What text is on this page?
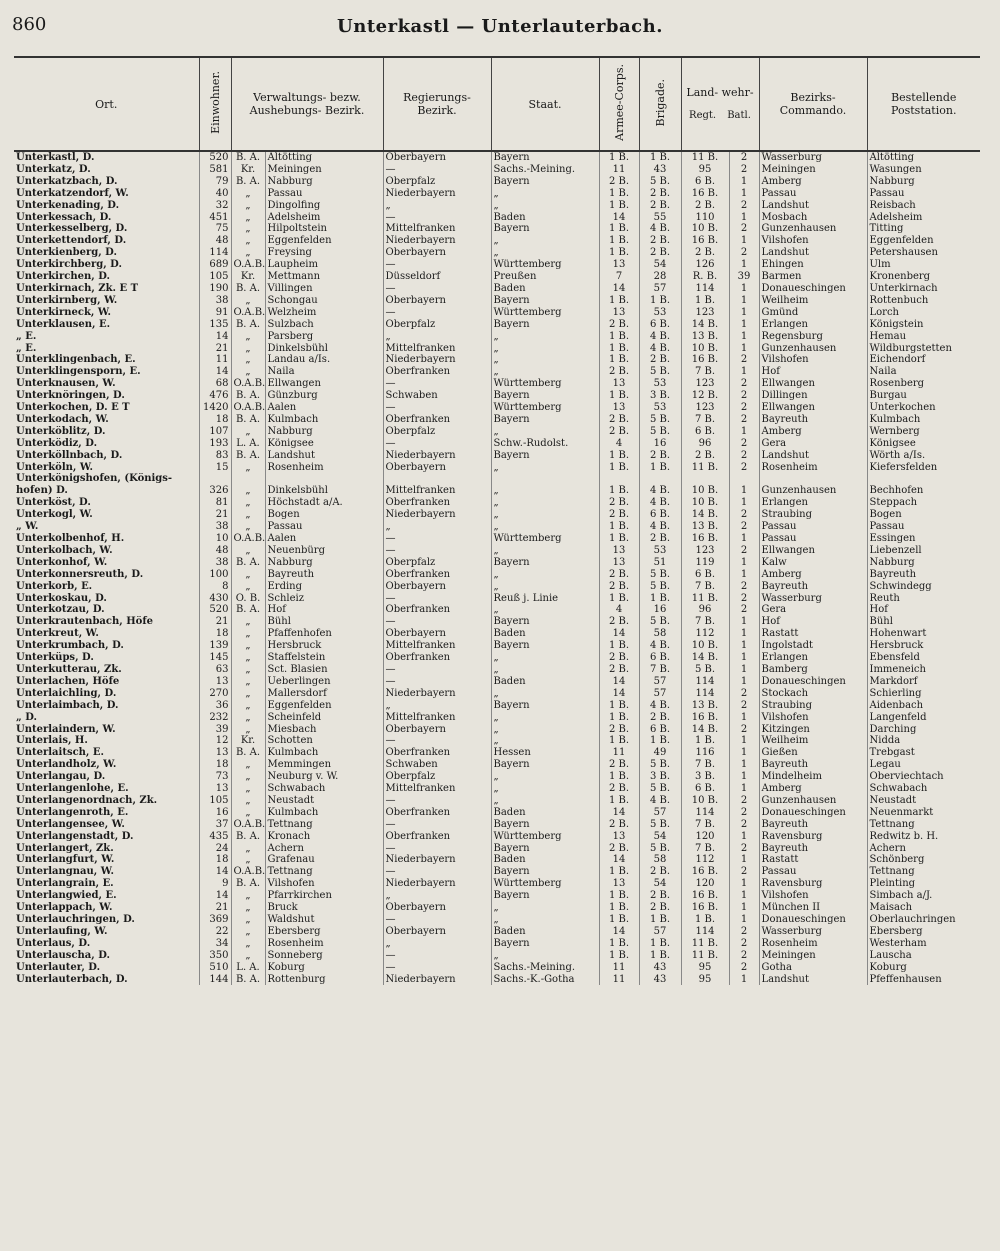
860	Unterkastl — Unterlauterbach.
Ort.	Einwohner.	Verwaltungs- bezw. Aushebungs- Bezirk.		Regierungs- Bezirk.	Staat.	Armee-Corps.	Brigade.	Land- wehr-
Regt. Batl.		Bezirks- Commando.	Bestellende Poststation.
Unterkastl, D.	520	B. A.	Altötting	Oberbayern	Bayern	1 B.	1 B.	11 B.	2	Wasserburg	Altötting
Unterkatz, D.	581	Kr.	Meiningen	—	Sachs.-Meining.	11	43	95	2	Meiningen	Wasungen
Unterkatzbach, D.	79	B. A.	Nabburg	Oberpfalz	Bayern	2 B.	5 B.	6 B.	1	Amberg	Nabburg
Unterkatzendorf, W.	40	„	Passau	Niederbayern	„	1 B.	2 B.	16 B.	1	Passau	Passau
Unterkenading, D.	32	„	Dingolfing	„	„	1 B.	2 B.	2 B.	2	Landshut	Reisbach
Unterkessach, D.	451	„	Adelsheim	—	Baden	14	55	110	1	Mosbach	Adelsheim
Unterkesselberg, D.	75	„	Hilpoltstein	Mittelfranken	Bayern	1 B.	4 B.	10 B.	2	Gunzenhausen	Titting
Unterkettendorf, D.	48	„	Eggenfelden	Niederbayern	„	1 B.	2 B.	16 B.	1	Vilshofen	Eggenfelden
Unterkienberg, D.	114	„	Freysing	Oberbayern	„	1 B.	2 B.	2 B.	2	Landshut	Petershausen
Unterkirchberg, D.	689	O.A.B.	Laupheim	—	Württemberg	13	54	126	1	Ehingen	Ulm
Unterkirchen, D.	105	Kr.	Mettmann	Düsseldorf	Preußen	7	28	R. B.	39	Barmen	Kronenberg
Unterkirnach, Zk. E T	190	B. A.	Villingen	—	Baden	14	57	114	1	Donaueschingen	Unterkirnach
Unterkirnberg, W.	38	„	Schongau	Oberbayern	Bayern	1 B.	1 B.	1 B.	1	Weilheim	Rottenbuch
Unterkirneck, W.	91	O.A.B.	Welzheim	—	Württemberg	13	53	123	1	Gmünd	Lorch
Unterklausen, E.	135	B. A.	Sulzbach	Oberpfalz	Bayern	2 B.	6 B.	14 B.	1	Erlangen	Königstein
„ E.	14	„	Parsberg	„	„	1 B.	4 B.	13 B.	1	Regensburg	Hemau
„ E.	21	„	Dinkelsbühl	Mittelfranken	„	1 B.	4 B.	10 B.	1	Gunzenhausen	Wildburgstetten
Unterklingenbach, E.	11	„	Landau a/Is.	Niederbayern	„	1 B.	2 B.	16 B.	2	Vilshofen	Eichendorf
Unterklingensporn, E.	14	„	Naila	Oberfranken	„	2 B.	5 B.	7 B.	1	Hof	Naila
Unterknausen, W.	68	O.A.B.	Ellwangen	—	Württemberg	13	53	123	2	Ellwangen	Rosenberg
Unterknöringen, D.	476	B. A.	Günzburg	Schwaben	Bayern	1 B.	3 B.	12 B.	2	Dillingen	Burgau
Unterkochen, D. E T	1420	O.A.B.	Aalen	—	Württemberg	13	53	123	2	Ellwangen	Unterkochen
Unterkodach, W.	18	B. A.	Kulmbach	Oberfranken	Bayern	2 B.	5 B.	7 B.	2	Bayreuth	Kulmbach
Unterköblitz, D.	107	„	Nabburg	Oberpfalz	„	2 B.	5 B.	6 B.	1	Amberg	Wernberg
Unterködiz, D.	193	L. A.	Königsee	—	Schw.-Rudolst.	4	16	96	2	Gera	Königsee
Unterköllnbach, D.	83	B. A.	Landshut	Niederbayern	Bayern	1 B.	2 B.	2 B.	2	Landshut	Wörth a/Is.
Unterköln, W.	15	„	Rosenheim	Oberbayern	„	1 B.	1 B.	11 B.	2	Rosenheim	Kiefersfelden
Unterkönigshofen, (Königs-											
hofen) D.	326	„	Dinkelsbühl	Mittelfranken	„	1 B.	4 B.	10 B.	1	Gunzenhausen	Bechhofen
Unterköst, D.	81	„	Höchstadt a/A.	Oberfranken	„	2 B.	4 B.	10 B.	1	Erlangen	Steppach
Unterkogl, W.	21	„	Bogen	Niederbayern	„	2 B.	6 B.	14 B.	2	Straubing	Bogen
„ W.	38	„	Passau	„	„	1 B.	4 B.	13 B.	2	Passau	Passau
Unterkolbenhof, H.	10	O.A.B.	Aalen	—	Württemberg	1 B.	2 B.	16 B.	1	Passau	Essingen
Unterkolbach, W.	48	„	Neuenbürg	—	„	13	53	123	2	Ellwangen	Liebenzell
Unterkonhof, W.	38	B. A.	Nabburg	Oberpfalz	Bayern	13	51	119	1	Kalw	Nabburg
Unterkonnersreuth, D.	100	„	Bayreuth	Oberfranken	„	2 B.	5 B.	6 B.	1	Amberg	Bayreuth
Unterkorb, E.	8	„	Erding	Oberbayern	„	2 B.	5 B.	7 B.	2	Bayreuth	Schwindegg
Unterkoskau, D.	430	O. B.	Schleiz	—	Reuß j. Linie	1 B.	1 B.	11 B.	2	Wasserburg	Reuth
Unterkotzau, D.	520	B. A.	Hof	Oberfranken	„	4	16	96	2	Gera	Hof
Unterkrautenbach, Höfe	21	„	Bühl	—	Bayern	2 B.	5 B.	7 B.	1	Hof	Bühl
Unterkreut, W.	18	„	Pfaffenhofen	Oberbayern	Baden	14	58	112	1	Rastatt	Hohenwart
Unterkrumbach, D.	139	„	Hersbruck	Mittelfranken	Bayern	1 B.	4 B.	10 B.	1	Ingolstadt	Hersbruck
Unterküps, D.	145	„	Staffelstein	Oberfranken	„	2 B.	6 B.	14 B.	1	Erlangen	Ebensfeld
Unterkutterau, Zk.	63	„	Sct. Blasien	—	„	2 B.	7 B.	5 B.	1	Bamberg	Immeneich
Unterlachen, Höfe	13	„	Ueberlingen	—	Baden	14	57	114	1	Donaueschingen	Markdorf
Unterlaichling, D.	270	„	Mallersdorf	Niederbayern	„	14	57	114	2	Stockach	Schierling
Unterlaimbach, D.	36	„	Eggenfelden	„	Bayern	1 B.	4 B.	13 B.	2	Straubing	Aidenbach
„ D.	232	„	Scheinfeld	Mittelfranken	„	1 B.	2 B.	16 B.	1	Vilshofen	Langenfeld
Unterlaindern, W.	39	„	Miesbach	Oberbayern	„	2 B.	6 B.	14 B.	2	Kitzingen	Darching
Unterlais, H.	12	Kr.	Schotten	—	„	1 B.	1 B.	1 B.	1	Weilheim	Nidda
Unterlaitsch, E.	13	B. A.	Kulmbach	Oberfranken	Hessen	11	49	116	1	Gießen	Trebgast
Unterlandholz, W.	18	„	Memmingen	Schwaben	Bayern	2 B.	5 B.	7 B.	1	Bayreuth	Legau
Unterlangau, D.	73	„	Neuburg v. W.	Oberpfalz	„	1 B.	3 B.	3 B.	1	Mindelheim	Oberviechtach
Unterlangenlohe, E.	13	„	Schwabach	Mittelfranken	„	2 B.	5 B.	6 B.	1	Amberg	Schwabach
Unterlangenordnach, Zk.	105	„	Neustadt	—	„	1 B.	4 B.	10 B.	2	Gunzenhausen	Neustadt
Unterlangenroth, E.	16	„	Kulmbach	Oberfranken	Baden	14	57	114	2	Donaueschingen	Neuenmarkt
Unterlangensee, W.	37	O.A.B.	Tettnang	—	Bayern	2 B.	5 B.	7 B.	2	Bayreuth	Tettnang
Unterlangenstadt, D.	435	B. A.	Kronach	Oberfranken	Württemberg	13	54	120	1	Ravensburg	Redwitz b. H.
Unterlangert, Zk.	24	„	Achern	—	Bayern	2 B.	5 B.	7 B.	2	Bayreuth	Achern
Unterlangfurt, W.	18	„	Grafenau	Niederbayern	Baden	14	58	112	1	Rastatt	Schönberg
Unterlangnau, W.	14	O.A.B.	Tettnang	—	Bayern	1 B.	2 B.	16 B.	2	Passau	Tettnang
Unterlangrain, E.	9	B. A.	Vilshofen	Niederbayern	Württemberg	13	54	120	1	Ravensburg	Pleinting
Unterlangwied, E.	14	„	Pfarrkirchen	„	Bayern	1 B.	2 B.	16 B.	1	Vilshofen	Simbach a/J.
Unterlappach, W.	21	„	Bruck	Oberbayern	„	1 B.	2 B.	16 B.	1	München II	Maisach
Unterlauchringen, D.	369	„	Waldshut	—	„	1 B.	1 B.	1 B.	1	Donaueschingen	Oberlauchringen
Unterlaufing, W.	22	„	Ebersberg	Oberbayern	Baden	14	57	114	2	Wasserburg	Ebersberg
Unterlaus, D.	34	„	Rosenheim	„	Bayern	1 B.	1 B.	11 B.	2	Rosenheim	Westerham
Unterlauscha, D.	350	„	Sonneberg	—	„	1 B.	1 B.	11 B.	2	Meiningen	Lauscha
Unterlauter, D.	510	L. A.	Koburg	—	Sachs.-Meining.	11	43	95	2	Gotha	Koburg
Unterlauterbach, D.	144	B. A.	Rottenburg	Niederbayern	Sachs.-K.-Gotha	11	43	95	1	Landshut	Pfeffenhausen
